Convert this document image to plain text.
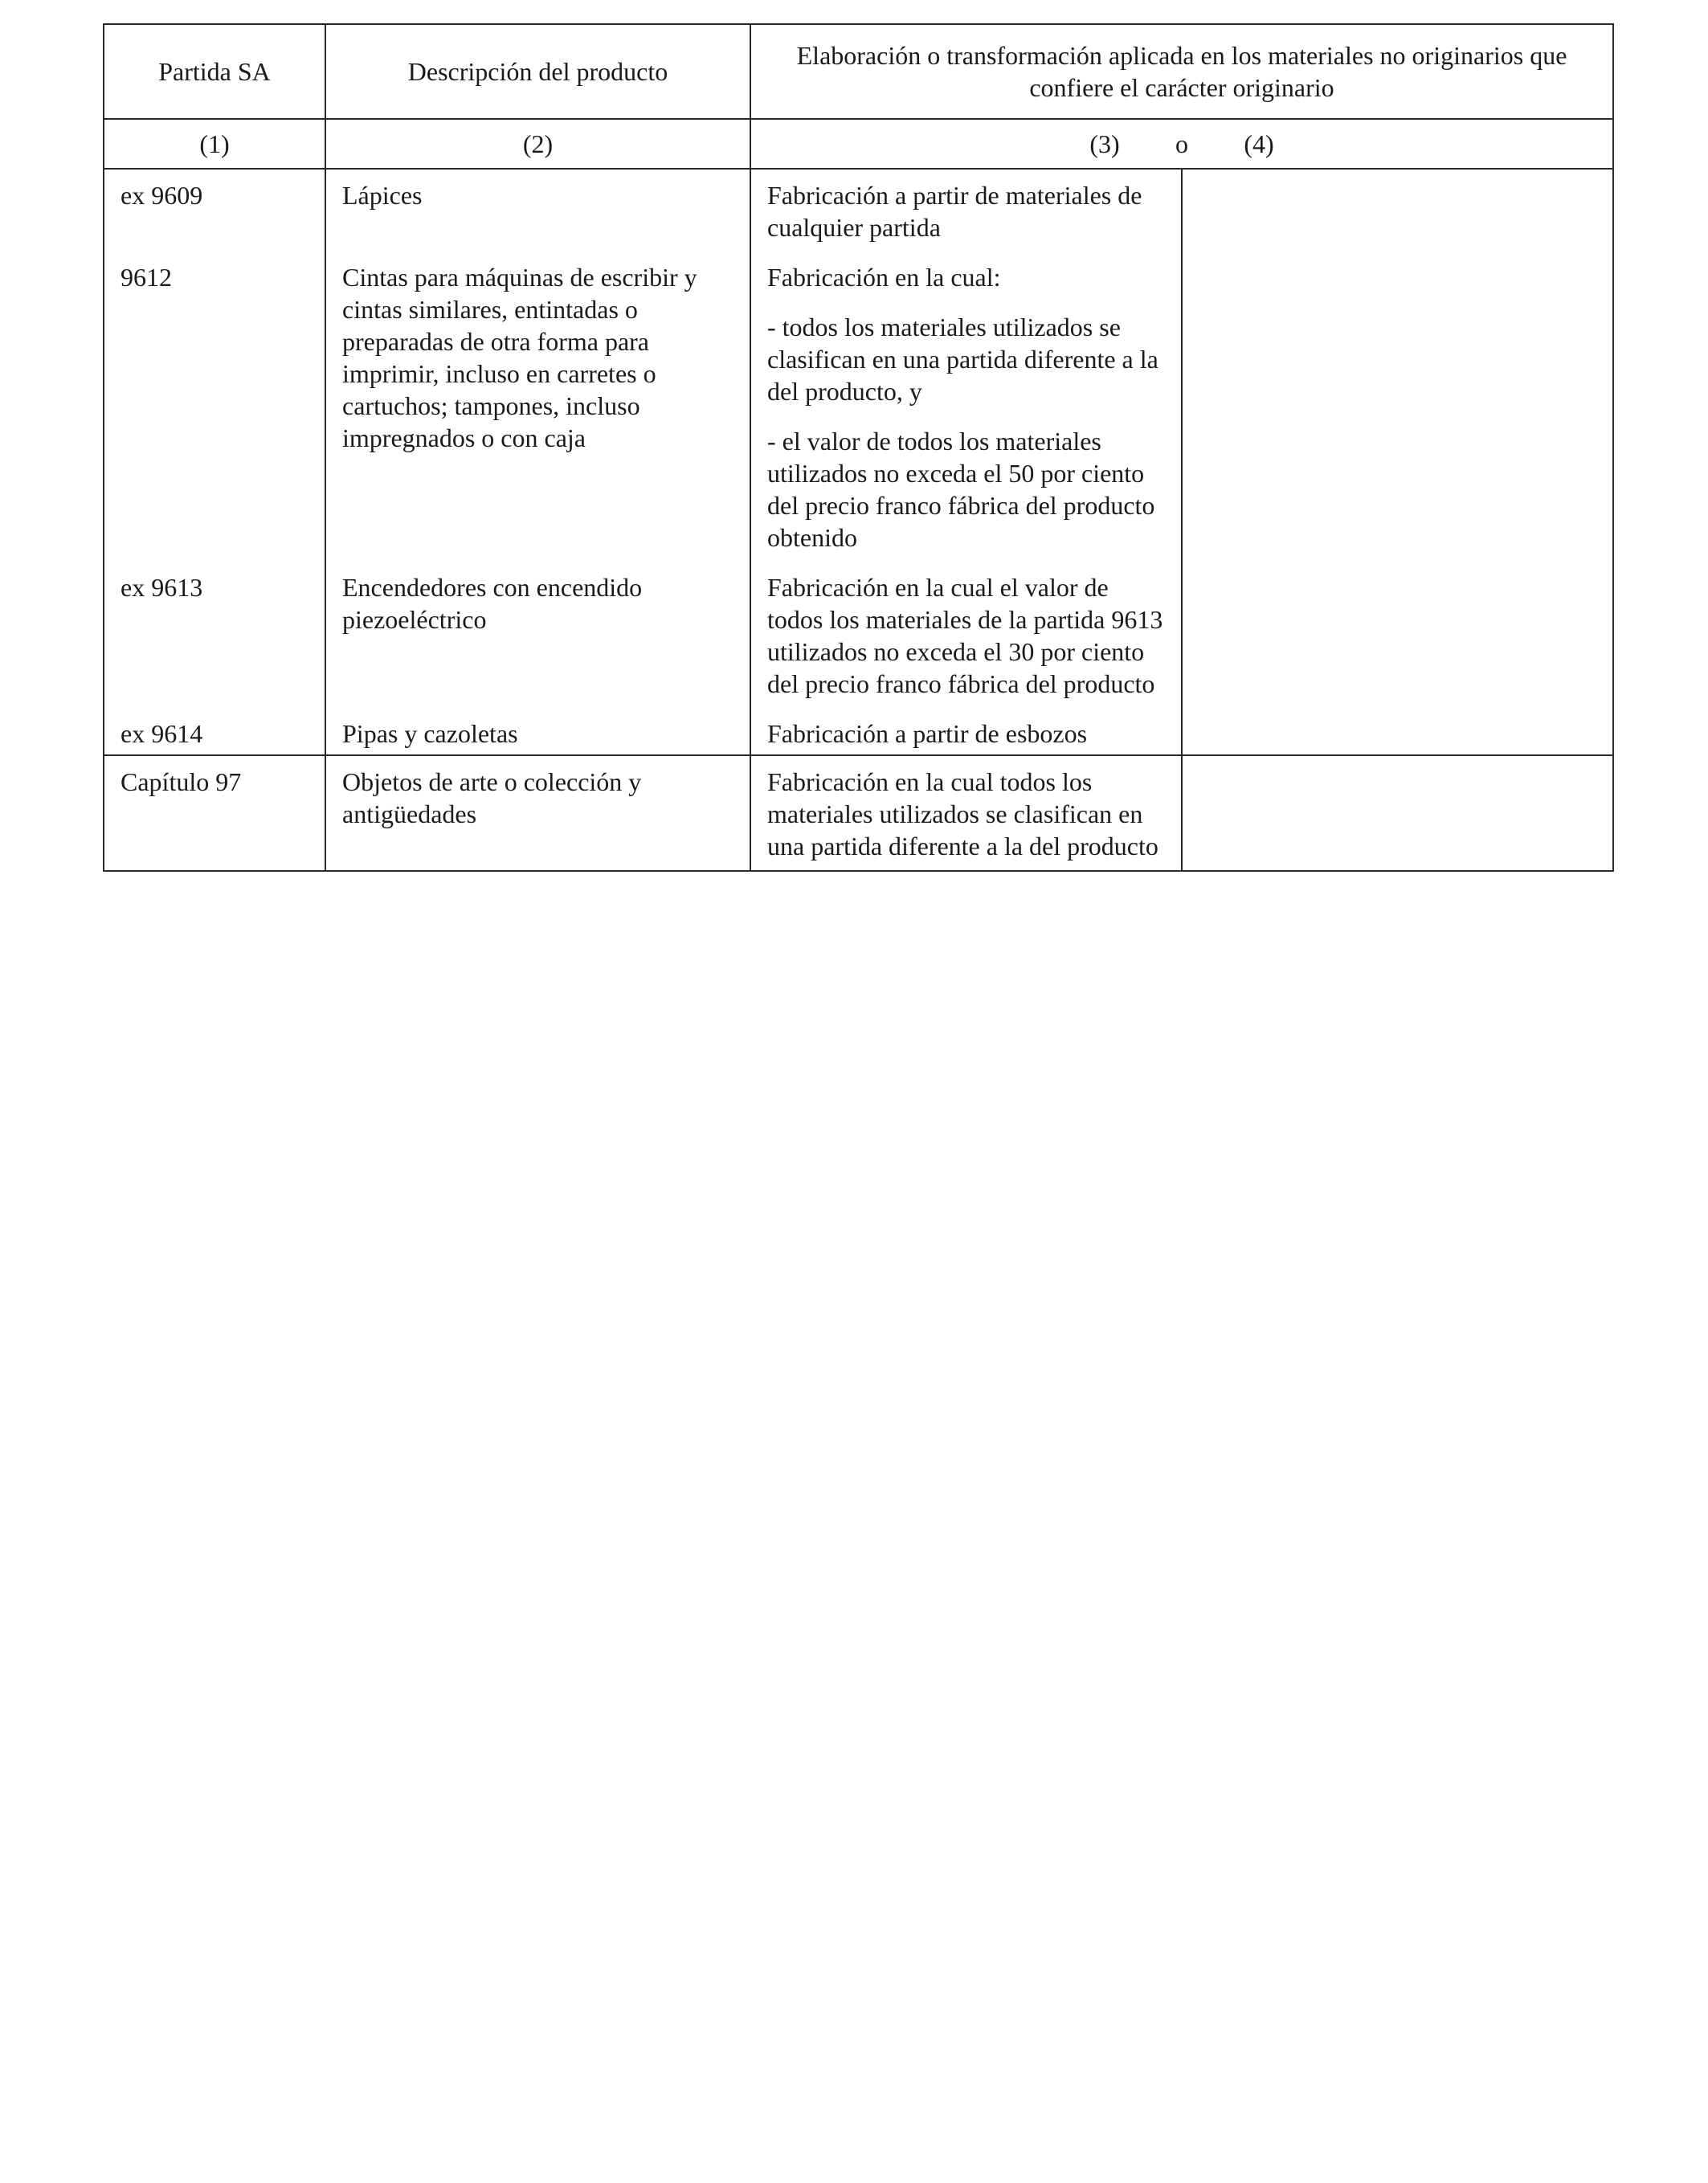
Partida SA	Descripción del producto	Elaboración o transformación aplicada en los materiales no originarios que confiere el carácter originario	
(1)	(2)	(3) o (4)	

ex 9609	Lápices	Fabricación a partir de materiales de cualquier partida	

9612	Cintas para máquinas de escribir y cintas similares, entintadas o preparadas de otra forma para imprimir, incluso en carretes o cartuchos; tampones, incluso impregnados o con caja	Fabricación en la cual:
- todos los materiales utilizados se clasifican en una partida diferente a la del producto, y
- el valor de todos los materiales utilizados no exceda el 50 por ciento del precio franco fábrica del producto obtenido	

ex 9613	Encendedores con encendido piezoeléctrico	Fabricación en la cual el valor de todos los materiales de la partida 9613 utilizados no exceda el 30 por ciento del precio franco fábrica del producto	

ex 9614	Pipas y cazoletas	Fabricación a partir de esbozos	

Capítulo 97	Objetos de arte o colección y antigüedades	Fabricación en la cual todos los materiales utilizados se clasifican en una partida diferente a la del producto	
